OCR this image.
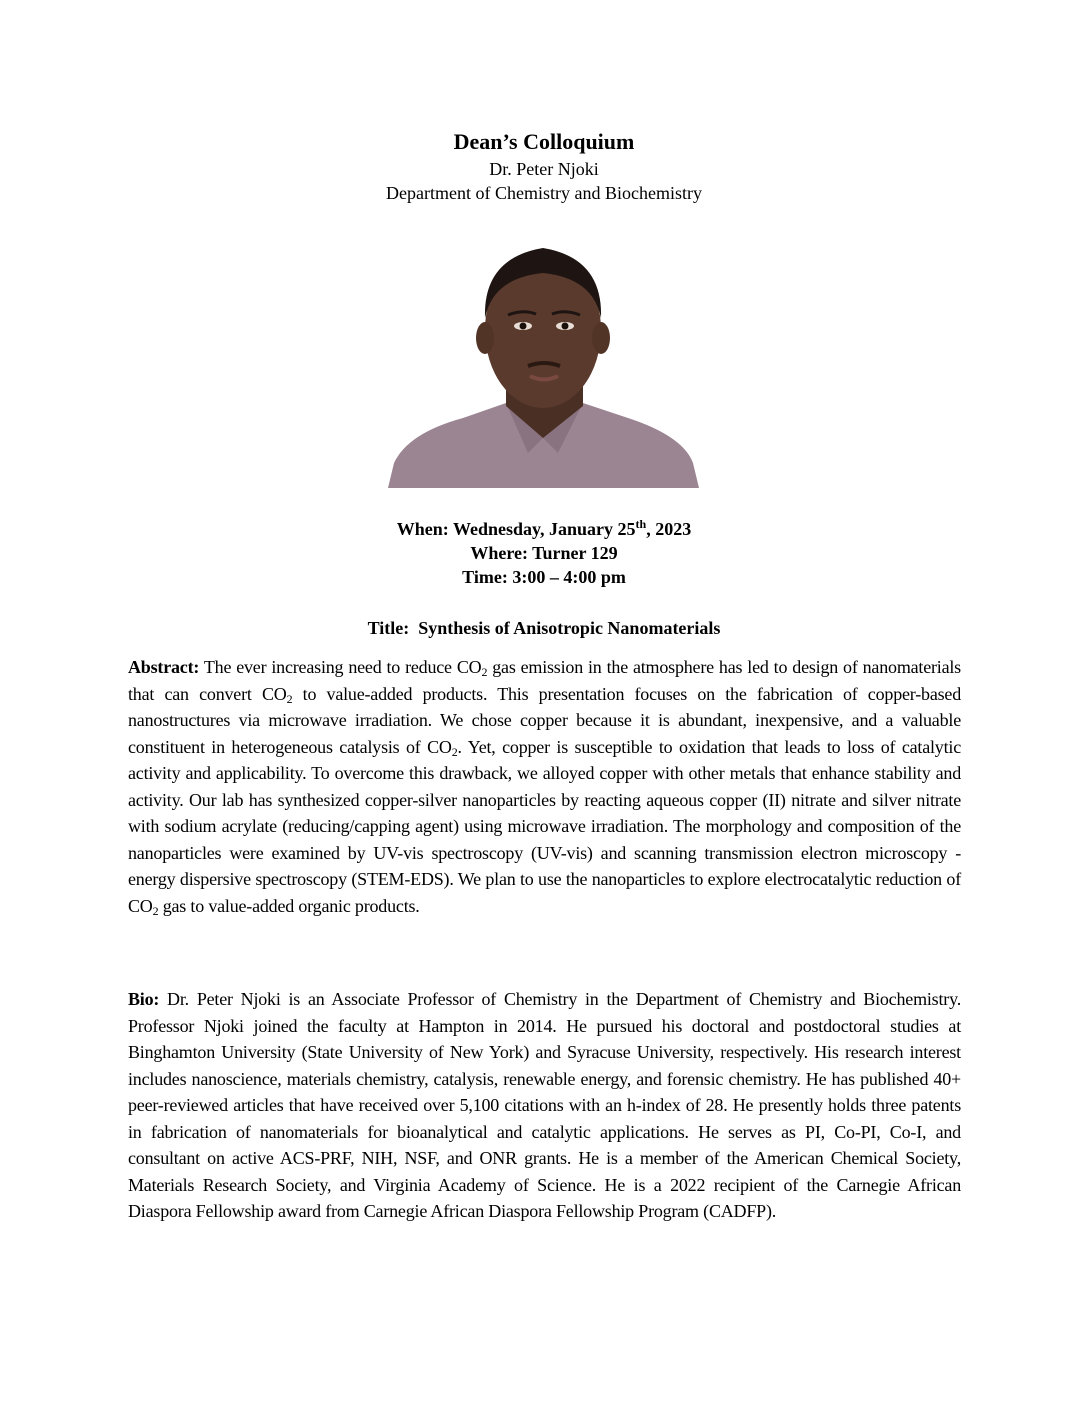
Dean’s Colloquium
Dr. Peter Njoki
Department of Chemistry and Biochemistry
When: Wednesday, January 25th, 2023
Where: Turner 129
Time: 3:00 – 4:00 pm
Title: Synthesis of Anisotropic Nanomaterials
Abstract: The ever increasing need to reduce $CO_2$ gas emission in the atmosphere has led to design of nanomaterials that can convert $CO_2$ to value-added products. This presentation focuses on the fabrication of copper-based nanostructures via microwave irradiation. We chose copper because it is abundant, inexpensive, and a valuable constituent in heterogeneous catalysis of $CO_2$. Yet, copper is susceptible to oxidation that leads to loss of catalytic activity and applicability. To overcome this drawback, we alloyed copper with other metals that enhance stability and activity. Our lab has synthesized copper-silver nanoparticles by reacting aqueous copper (II) nitrate and silver nitrate with sodium acrylate (reducing/capping agent) using microwave irradiation. The morphology and composition of the nanoparticles were examined by UV-vis spectroscopy (UV-vis) and scanning transmission electron microscopy - energy dispersive spectroscopy (STEM-EDS). We plan to use the nanoparticles to explore electrocatalytic reduction of $CO_2$ gas to value-added organic products.
Bio: Dr. Peter Njoki is an Associate Professor of Chemistry in the Department of Chemistry and Biochemistry. Professor Njoki joined the faculty at Hampton in 2014. He pursued his doctoral and postdoctoral studies at Binghamton University (State University of New York) and Syracuse University, respectively. His research interest includes nanoscience, materials chemistry, catalysis, renewable energy, and forensic chemistry. He has published 40+ peer-reviewed articles that have received over 5,100 citations with an h-index of 28. He presently holds three patents in fabrication of nanomaterials for bioanalytical and catalytic applications. He serves as PI, Co-PI, Co-I, and consultant on active ACS-PRF, NIH, NSF, and ONR grants. He is a member of the American Chemical Society, Materials Research Society, and Virginia Academy of Science. He is a 2022 recipient of the Carnegie African Diaspora Fellowship award from Carnegie African Diaspora Fellowship Program (CADFP).
